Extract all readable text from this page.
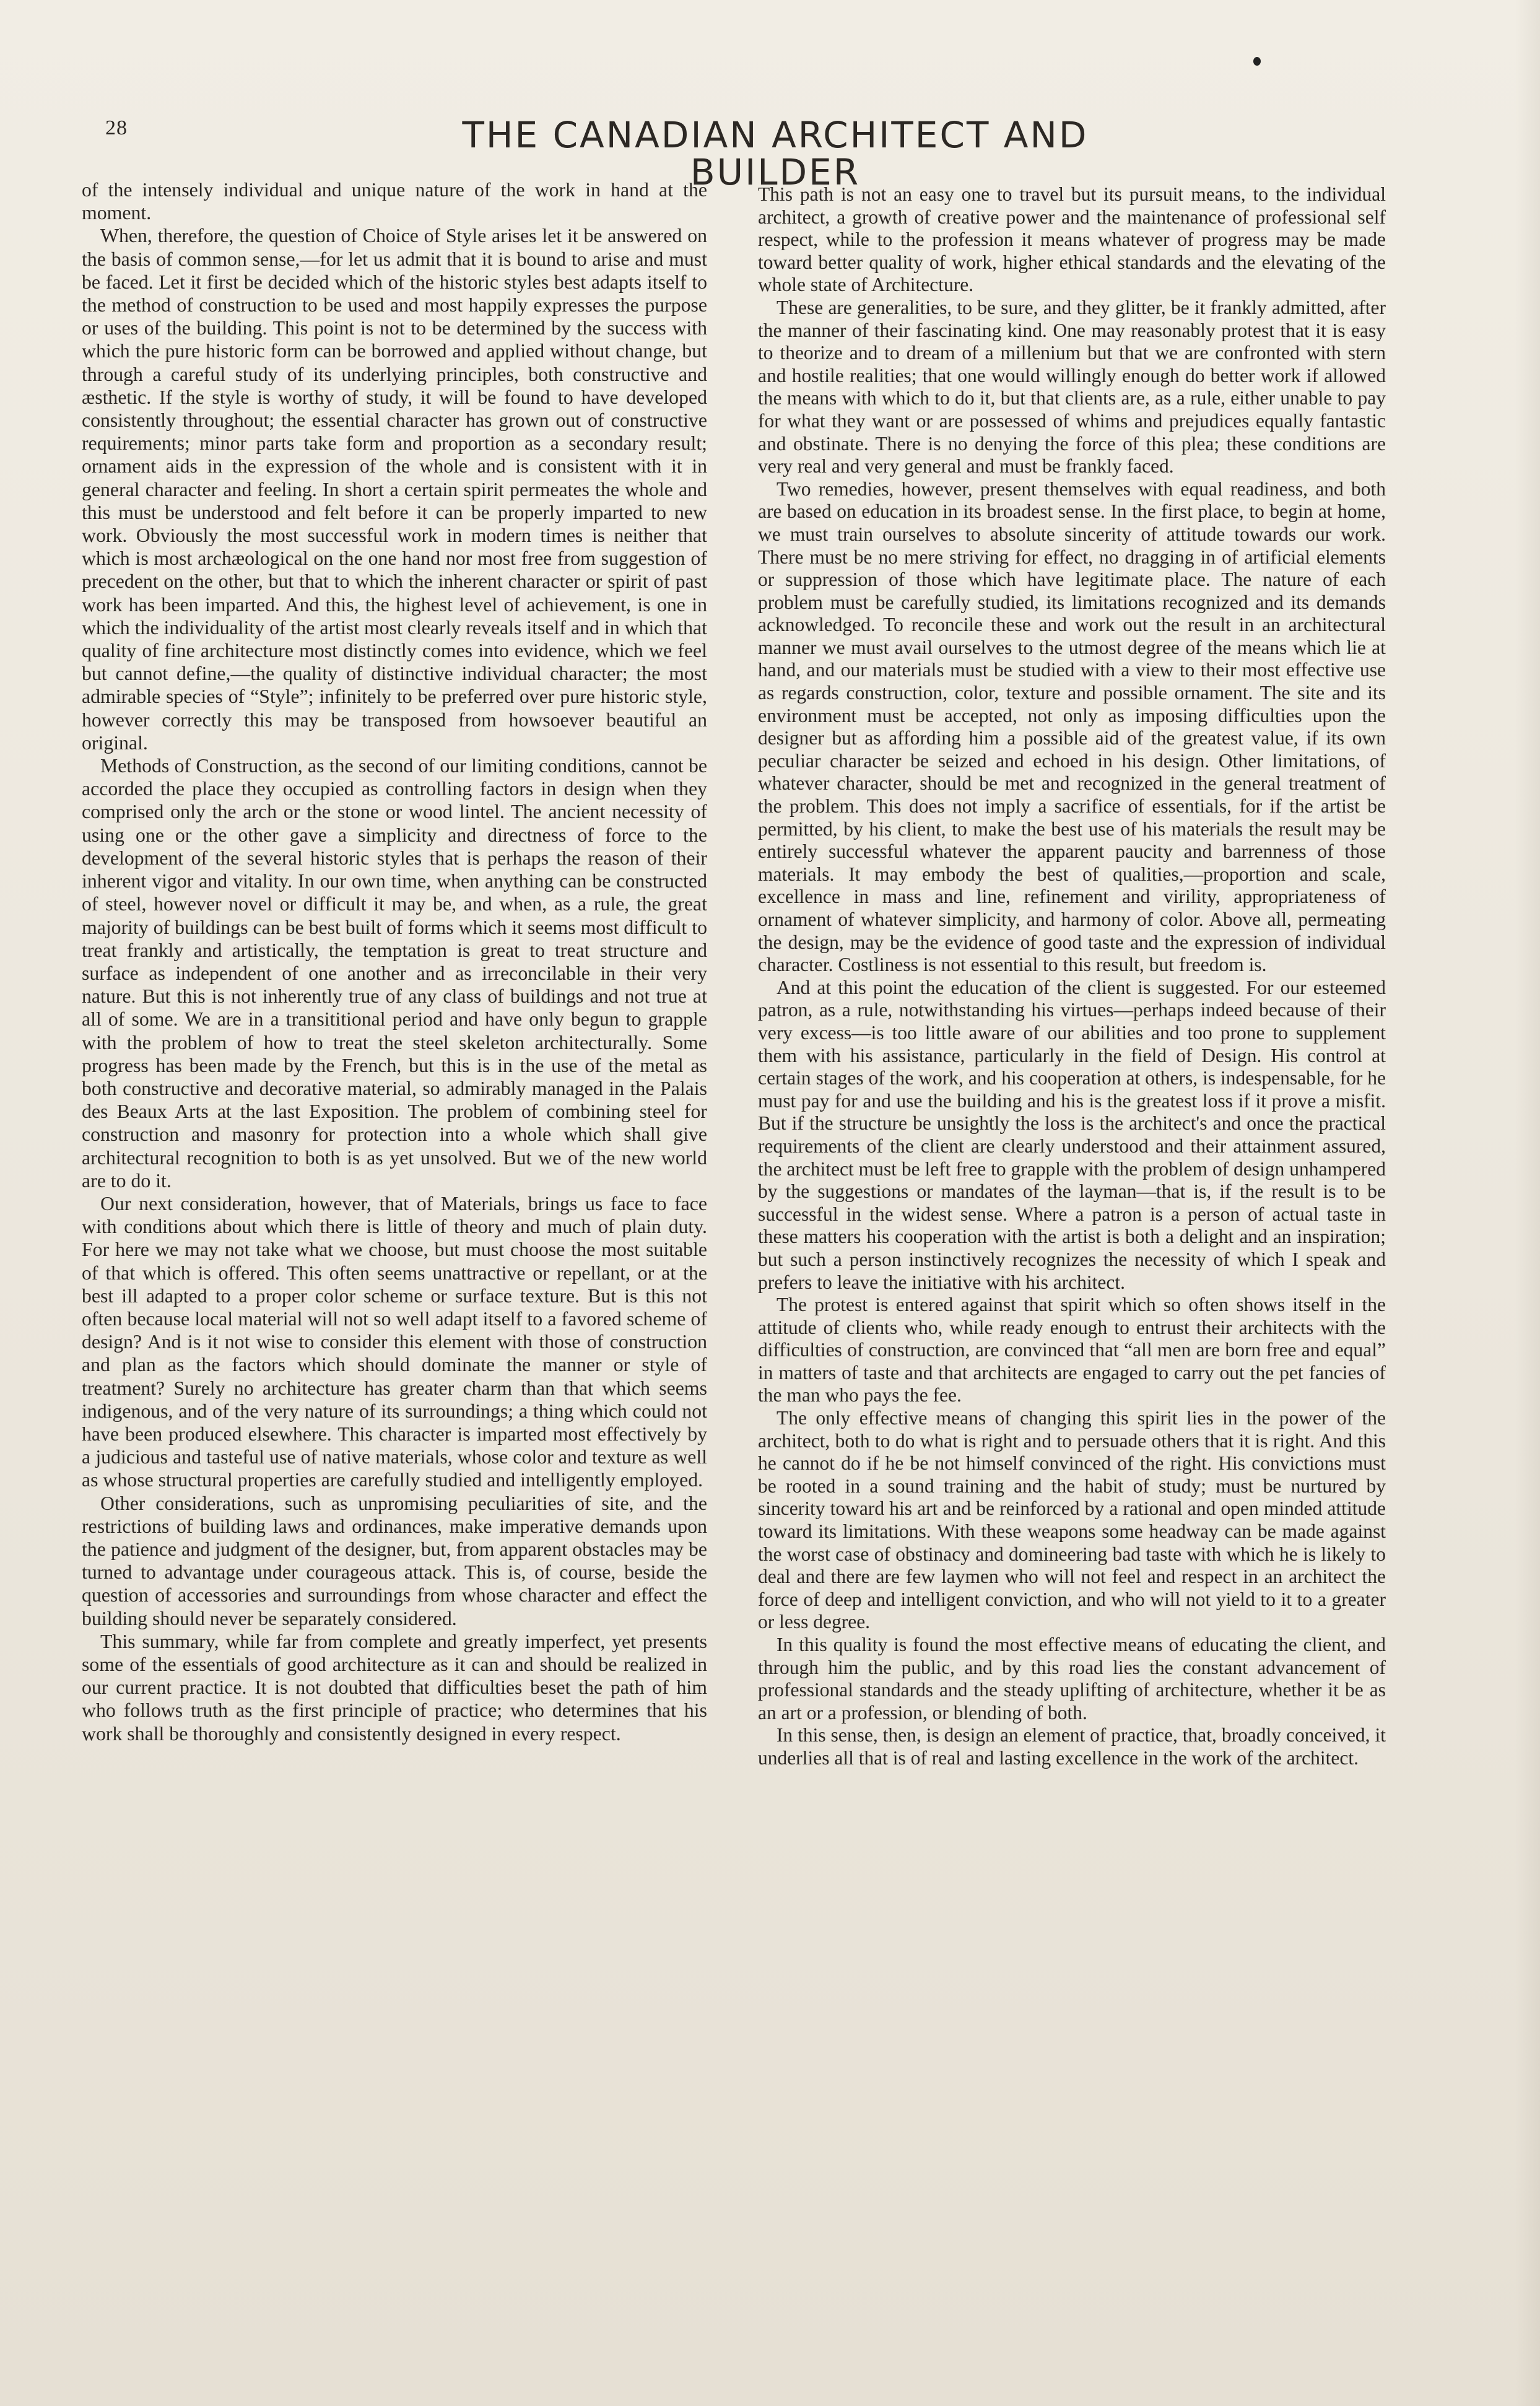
28	THE CANADIAN ARCHITECT AND BUILDER

of the intensely individual and unique nature of the work in hand at the moment.

When, therefore, the question of Choice of Style arises let it be answered on the basis of common sense,—for let us admit that it is bound to arise and must be faced. Let it first be decided which of the historic styles best adapts itself to the method of construction to be used and most happily expresses the purpose or uses of the building. This point is not to be determined by the success with which the pure historic form can be borrowed and applied without change, but through a careful study of its underlying principles, both constructive and æsthetic. If the style is worthy of study, it will be found to have developed consistently throughout; the essential character has grown out of constructive requirements; minor parts take form and proportion as a secondary result; ornament aids in the expression of the whole and is consistent with it in general character and feeling. In short a certain spirit permeates the whole and this must be understood and felt before it can be properly imparted to new work. Obviously the most successful work in modern times is neither that which is most archæological on the one hand nor most free from suggestion of precedent on the other, but that to which the inherent character or spirit of past work has been imparted. And this, the highest level of achievement, is one in which the individuality of the artist most clearly reveals itself and in which that quality of fine architecture most distinctly comes into evidence, which we feel but cannot define,—the quality of distinctive individual character; the most admirable species of “Style”; infinitely to be preferred over pure historic style, however correctly this may be transposed from howsoever beautiful an original.

Methods of Construction, as the second of our limiting conditions, cannot be accorded the place they occupied as controlling factors in design when they comprised only the arch or the stone or wood lintel. The ancient necessity of using one or the other gave a simplicity and directness of force to the development of the several historic styles that is perhaps the reason of their inherent vigor and vitality. In our own time, when anything can be constructed of steel, however novel or difficult it may be, and when, as a rule, the great majority of buildings can be best built of forms which it seems most difficult to treat frankly and artistically, the temptation is great to treat structure and surface as independent of one another and as irreconcilable in their very nature. But this is not inherently true of any class of buildings and not true at all of some. We are in a transititional period and have only begun to grapple with the problem of how to treat the steel skeleton architecturally. Some progress has been made by the French, but this is in the use of the metal as both constructive and decorative material, so admirably managed in the Palais des Beaux Arts at the last Exposition. The problem of combining steel for construction and masonry for protection into a whole which shall give architectural recognition to both is as yet unsolved. But we of the new world are to do it.

Our next consideration, however, that of Materials, brings us face to face with conditions about which there is little of theory and much of plain duty. For here we may not take what we choose, but must choose the most suitable of that which is offered. This often seems unattractive or repellant, or at the best ill adapted to a proper color scheme or surface texture. But is this not often because local material will not so well adapt itself to a favored scheme of design? And is it not wise to consider this element with those of construction and plan as the factors which should dominate the manner or style of treatment? Surely no architecture has greater charm than that which seems indigenous, and of the very nature of its surroundings; a thing which could not have been produced elsewhere. This character is imparted most effectively by a judicious and tasteful use of native materials, whose color and texture as well as whose structural properties are carefully studied and intelligently employed.

Other considerations, such as unpromising peculiarities of site, and the restrictions of building laws and ordinances, make imperative demands upon the patience and judgment of the designer, but, from apparent obstacles may be turned to advantage under courageous attack. This is, of course, beside the question of accessories and surroundings from whose character and effect the building should never be separately considered.

This summary, while far from complete and greatly imperfect, yet presents some of the essentials of good architecture as it can and should be realized in our current practice. It is not doubted that difficulties beset the path of him who follows truth as the first principle of practice; who determines that his work shall be thoroughly and consistently designed in every respect.

This path is not an easy one to travel but its pursuit means, to the individual architect, a growth of creative power and the maintenance of professional self respect, while to the profession it means whatever of progress may be made toward better quality of work, higher ethical standards and the elevating of the whole state of Architecture.

These are generalities, to be sure, and they glitter, be it frankly admitted, after the manner of their fascinating kind. One may reasonably protest that it is easy to theorize and to dream of a millenium but that we are confronted with stern and hostile realities; that one would willingly enough do better work if allowed the means with which to do it, but that clients are, as a rule, either unable to pay for what they want or are possessed of whims and prejudices equally fantastic and obstinate. There is no denying the force of this plea; these conditions are very real and very general and must be frankly faced.

Two remedies, however, present themselves with equal readiness, and both are based on education in its broadest sense. In the first place, to begin at home, we must train ourselves to absolute sincerity of attitude towards our work. There must be no mere striving for effect, no dragging in of artificial elements or suppression of those which have legitimate place. The nature of each problem must be carefully studied, its limitations recognized and its demands acknowledged. To reconcile these and work out the result in an architectural manner we must avail ourselves to the utmost degree of the means which lie at hand, and our materials must be studied with a view to their most effective use as regards construction, color, texture and possible ornament. The site and its environment must be accepted, not only as imposing difficulties upon the designer but as affording him a possible aid of the greatest value, if its own peculiar character be seized and echoed in his design. Other limitations, of whatever character, should be met and recognized in the general treatment of the problem. This does not imply a sacrifice of essentials, for if the artist be permitted, by his client, to make the best use of his materials the result may be entirely successful whatever the apparent paucity and barrenness of those materials. It may embody the best of qualities,—proportion and scale, excellence in mass and line, refinement and virility, appropriateness of ornament of whatever simplicity, and harmony of color. Above all, permeating the design, may be the evidence of good taste and the expression of individual character. Costliness is not essential to this result, but freedom is.

And at this point the education of the client is suggested. For our esteemed patron, as a rule, notwithstanding his virtues—perhaps indeed because of their very excess—is too little aware of our abilities and too prone to supplement them with his assistance, particularly in the field of Design. His control at certain stages of the work, and his cooperation at others, is indespensable, for he must pay for and use the building and his is the greatest loss if it prove a misfit. But if the structure be unsightly the loss is the architect's and once the practical requirements of the client are clearly understood and their attainment assured, the architect must be left free to grapple with the problem of design unhampered by the suggestions or mandates of the layman—that is, if the result is to be successful in the widest sense. Where a patron is a person of actual taste in these matters his cooperation with the artist is both a delight and an inspiration; but such a person instinctively recognizes the necessity of which I speak and prefers to leave the initiative with his architect.

The protest is entered against that spirit which so often shows itself in the attitude of clients who, while ready enough to entrust their architects with the difficulties of construction, are convinced that “all men are born free and equal” in matters of taste and that architects are engaged to carry out the pet fancies of the man who pays the fee.

The only effective means of changing this spirit lies in the power of the architect, both to do what is right and to persuade others that it is right. And this he cannot do if he be not himself convinced of the right. His convictions must be rooted in a sound training and the habit of study; must be nurtured by sincerity toward his art and be reinforced by a rational and open minded attitude toward its limitations. With these weapons some headway can be made against the worst case of obstinacy and domineering bad taste with which he is likely to deal and there are few laymen who will not feel and respect in an architect the force of deep and intelligent conviction, and who will not yield to it to a greater or less degree.

In this quality is found the most effective means of educating the client, and through him the public, and by this road lies the constant advancement of professional standards and the steady uplifting of architecture, whether it be as an art or a profession, or blending of both.

In this sense, then, is design an element of practice, that, broadly conceived, it underlies all that is of real and lasting excellence in the work of the architect.
